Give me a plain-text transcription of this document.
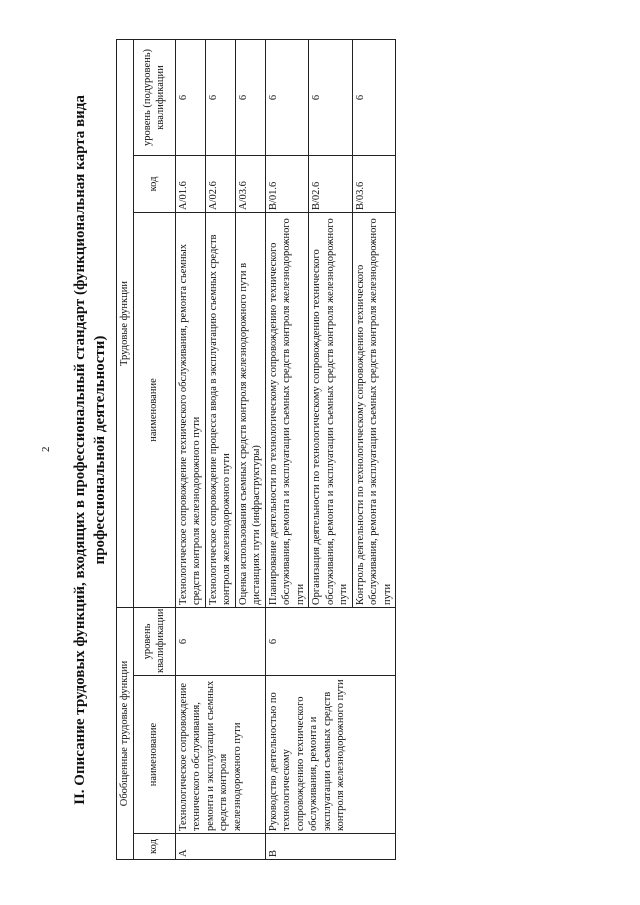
2 II. Описание трудовых функций, входящих в профессиональный стандарт (функциональная карта вида профессиональной деятельности)
Обобщенные трудовые функции			Трудовые функции		
код	наименование	уровень квалификации	наименование	код	уровень (подуровень) квалификации
A	Технологическое сопровождение технического обслуживания, ремонта и эксплуатации съемных средств контроля железнодорожного пути	6	Технологическое сопровождение технического обслуживания, ремонта съемных средств контроля железнодорожного пути	A/01.6	6
			Технологическое сопровождение процесса ввода в эксплуатацию съемных средств контроля железнодорожного пути	A/02.6	6
			Оценка использования съемных средств контроля железнодорожного пути в дистанциях пути (инфраструктуры)	A/03.6	6
B	Руководство деятельностью по технологическому сопровождению технического обслуживания, ремонта и эксплуатации съемных средств контроля железнодорожного пути	6	Планирование деятельности по технологическому сопровождению технического обслуживания, ремонта и эксплуатации съемных средств контроля железнодорожного пути	B/01.6	6
			Организация деятельности по технологическому сопровождению технического обслуживания, ремонта и эксплуатации съемных средств контроля железнодорожного пути	B/02.6	6
			Контроль деятельности по технологическому сопровождению технического обслуживания, ремонта и эксплуатации съемных средств контроля железнодорожного пути	B/03.6	6
